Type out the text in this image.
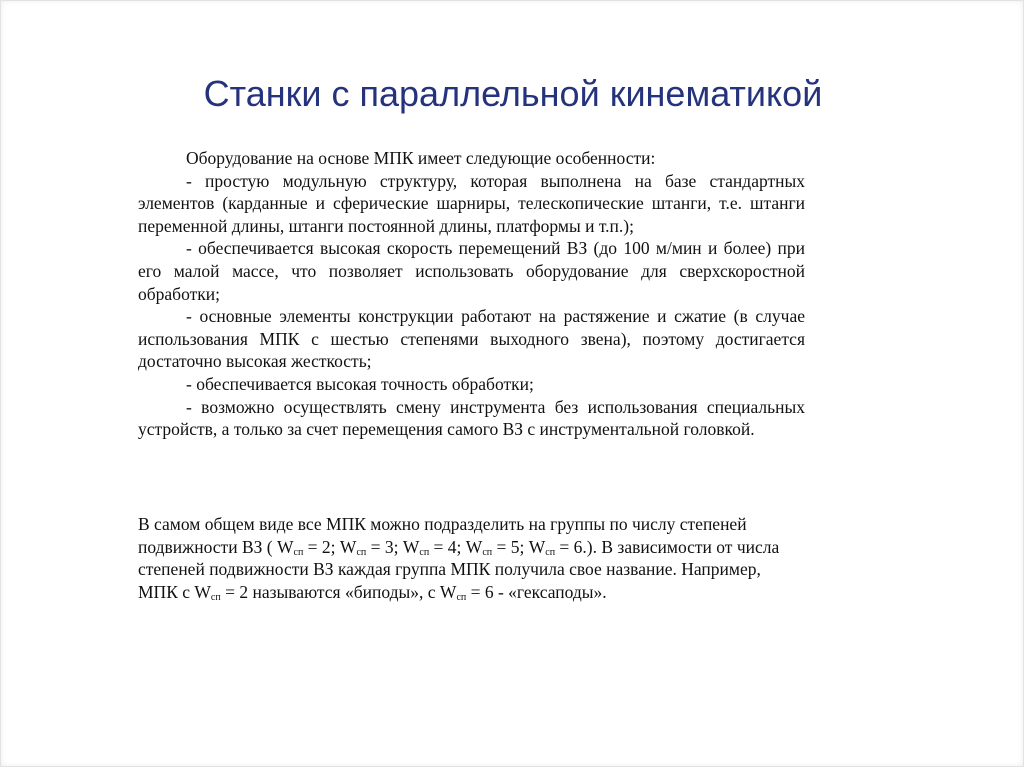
Станки с параллельной кинематикой

Оборудование на основе МПК имеет следующие особенности:

- простую модульную структуру, которая выполнена на базе стандартных элементов (карданные и сферические шарниры, телескопические штанги, т.е. штанги переменной длины, штанги постоянной длины, платформы и т.п.);

- обеспечивается высокая скорость перемещений ВЗ (до 100 м/мин и более) при его малой массе, что позволяет использовать оборудование для сверхскоростной обработки;

- основные элементы конструкции работают на растяжение и сжатие (в случае использования МПК с шестью степенями выходного звена), поэтому достигается достаточно высокая жесткость;

- обеспечивается высокая точность обработки;

- возможно осуществлять смену инструмента без использования специальных устройств, а только за счет перемещения самого ВЗ с инструментальной головкой.

В самом общем виде все МПК можно подразделить на группы по числу степеней подвижности ВЗ ( $W_{сп} = 2$; $W_{сп} = 3$; $W_{сп} = 4$; $W_{сп} = 5$; $W_{сп} = 6$.). В зависимости от числа степеней подвижности ВЗ каждая группа МПК получила свое название. Например, МПК с $W_{сп} = 2$ называются «биподы», с $W_{сп} = 6$ - «гексаподы».
